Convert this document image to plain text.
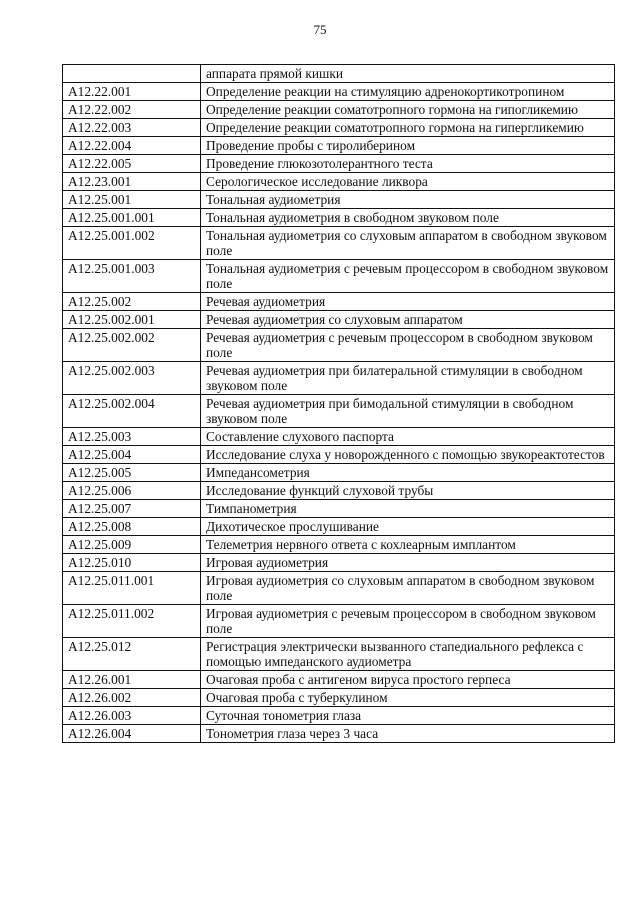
75
	аппарата прямой кишки
A12.22.001	Определение реакции на стимуляцию адренокортикотропином
A12.22.002	Определение реакции соматотропного гормона на гипогликемию
A12.22.003	Определение реакции соматотропного гормона на гипергликемию
A12.22.004	Проведение пробы с тиролиберином
A12.22.005	Проведение глюкозотолерантного теста
A12.23.001	Серологическое исследование ликвора
A12.25.001	Тональная аудиометрия
A12.25.001.001	Тональная аудиометрия в свободном звуковом поле
A12.25.001.002	Тональная аудиометрия со слуховым аппаратом в свободном звуковом поле
A12.25.001.003	Тональная аудиометрия с речевым процессором в свободном звуковом поле
A12.25.002	Речевая аудиометрия
A12.25.002.001	Речевая аудиометрия со слуховым аппаратом
A12.25.002.002	Речевая аудиометрия с речевым процессором в свободном звуковом поле
A12.25.002.003	Речевая аудиометрия при билатеральной стимуляции в свободном звуковом поле
A12.25.002.004	Речевая аудиометрия при бимодальной стимуляции в свободном звуковом поле
A12.25.003	Составление слухового паспорта
A12.25.004	Исследование слуха у новорожденного с помощью звукореактотестов
A12.25.005	Импедансометрия
A12.25.006	Исследование функций слуховой трубы
A12.25.007	Тимпанометрия
A12.25.008	Дихотическое прослушивание
A12.25.009	Телеметрия нервного ответа с кохлеарным имплантом
A12.25.010	Игровая аудиометрия
A12.25.011.001	Игровая аудиометрия со слуховым аппаратом в свободном звуковом поле
A12.25.011.002	Игровая аудиометрия с речевым процессором в свободном звуковом поле
A12.25.012	Регистрация электрически вызванного стапедиального рефлекса с помощью импеданского аудиометра
A12.26.001	Очаговая проба с антигеном вируса простого герпеса
A12.26.002	Очаговая проба с туберкулином
A12.26.003	Суточная тонометрия глаза
A12.26.004	Тонометрия глаза через 3 часа
